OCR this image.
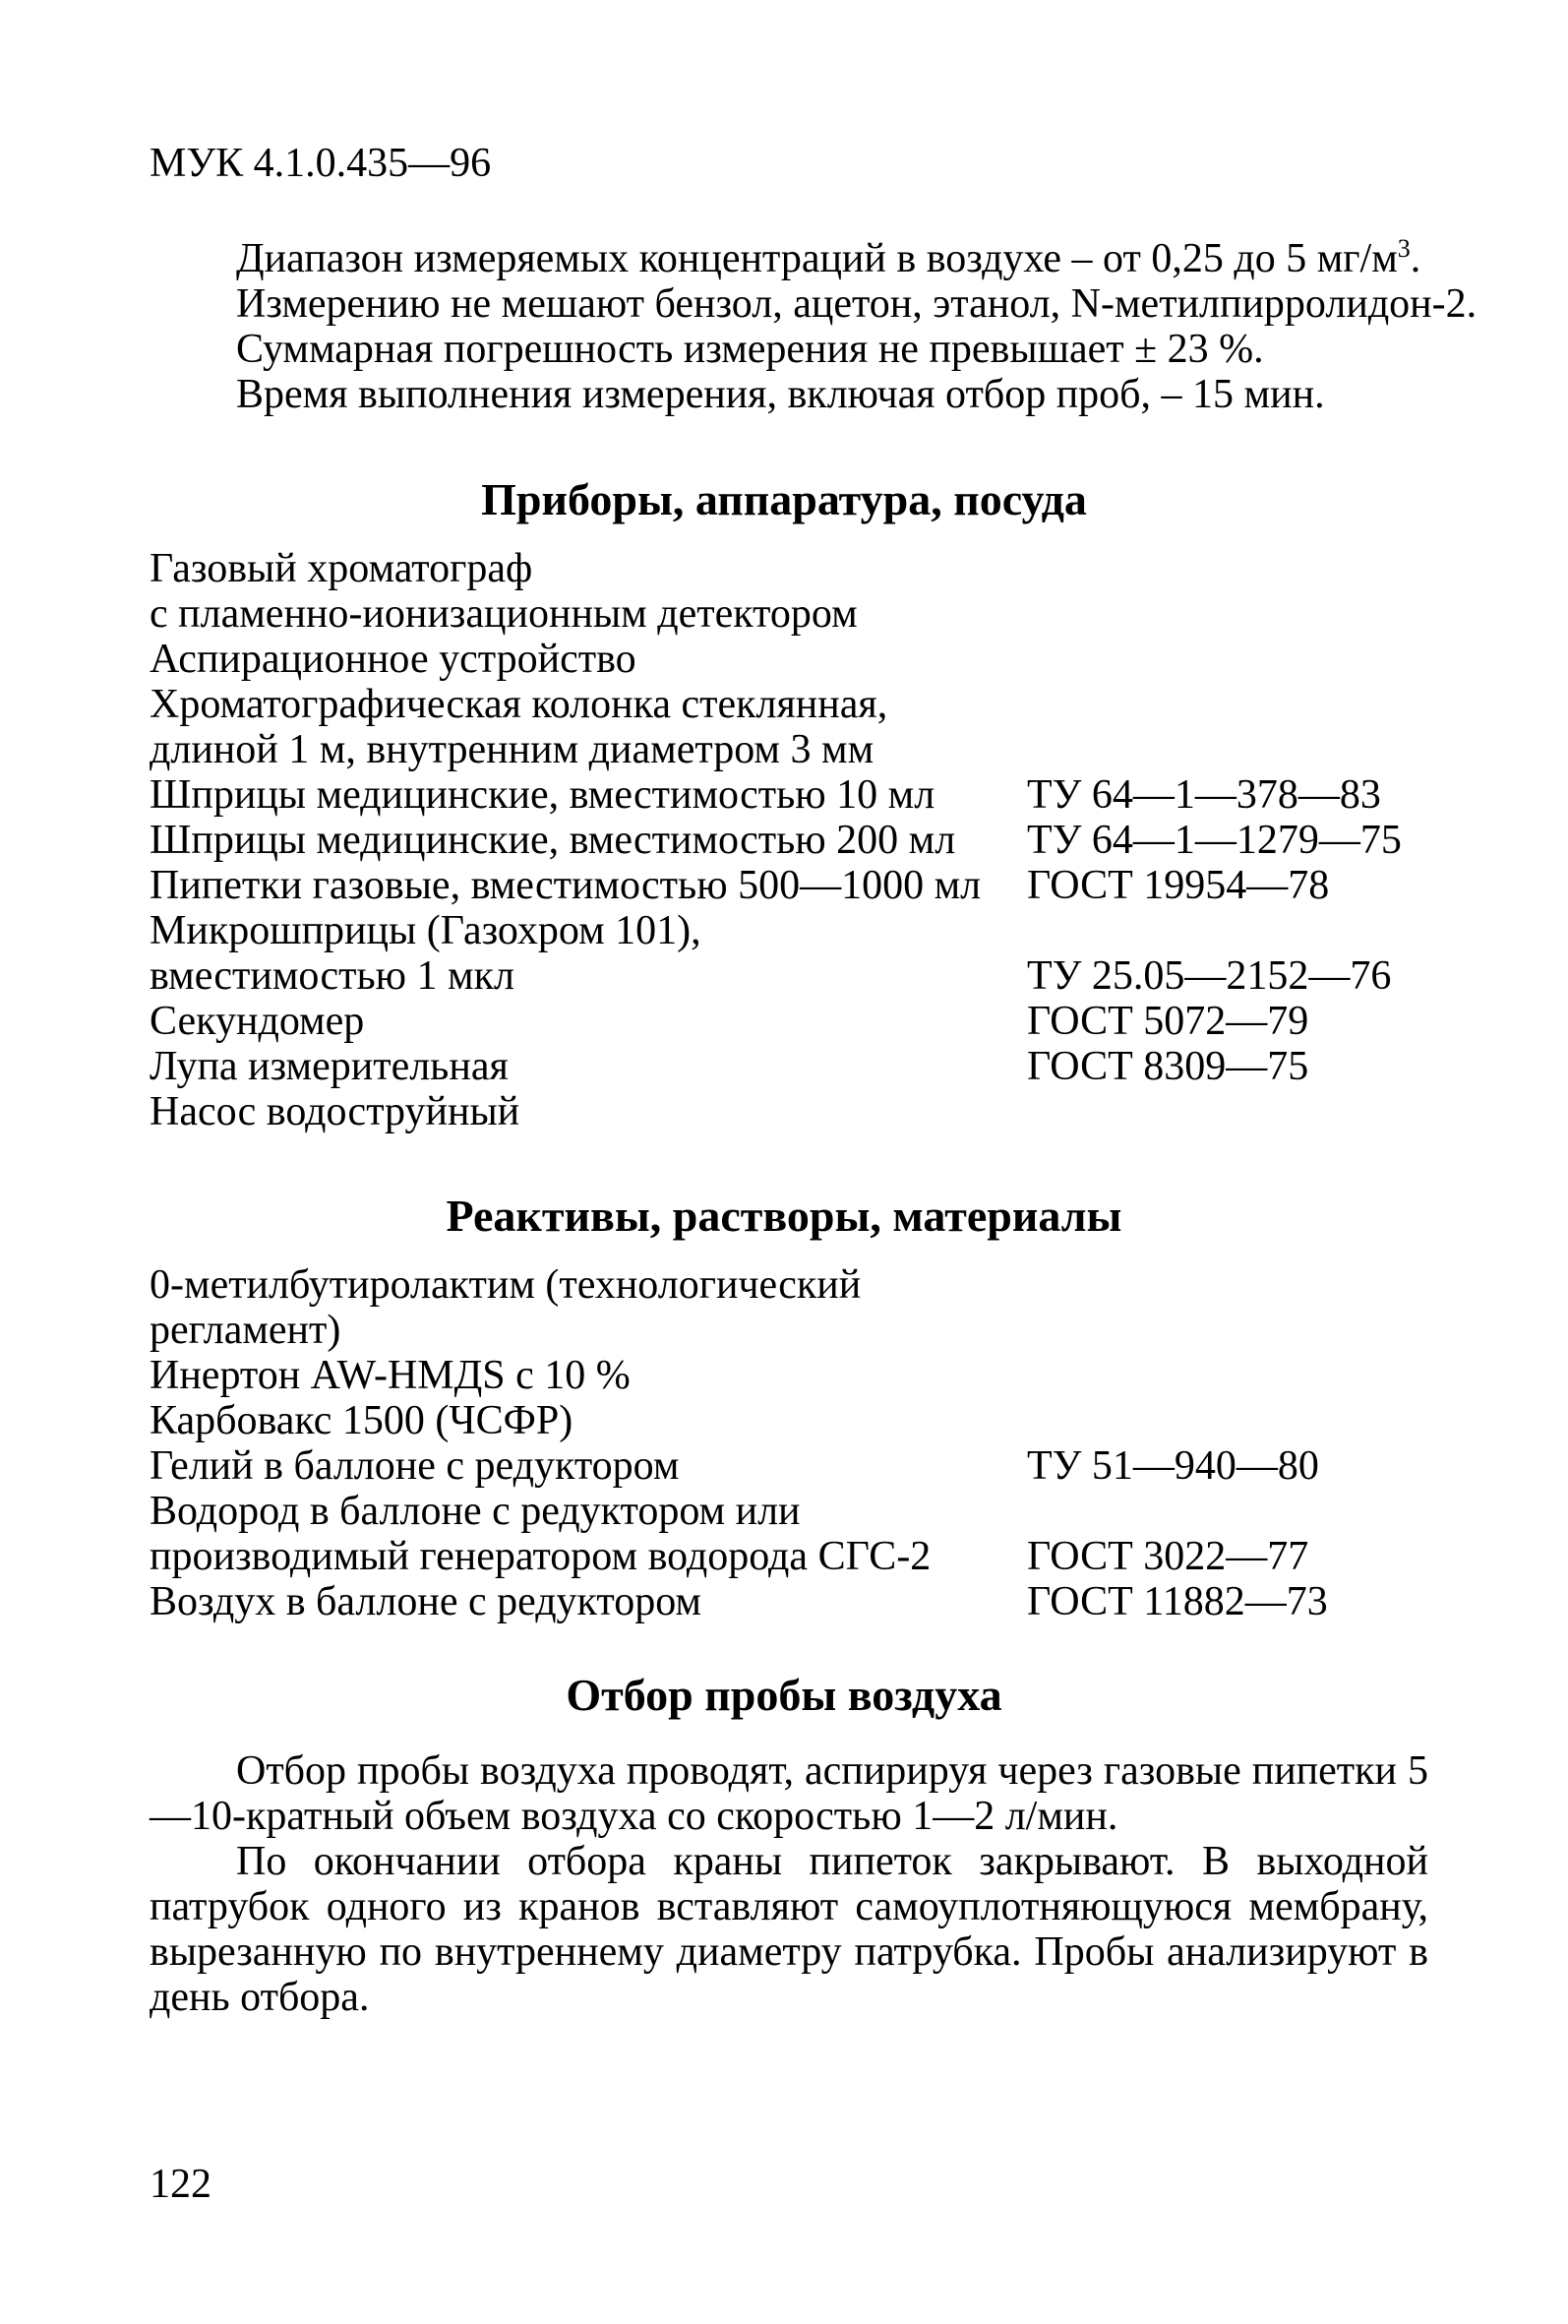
МУК 4.1.0.435—96

Диапазон измеряемых концентраций в воздухе – от 0,25 до 5 $мг/м^3$.

Измерению не мешают бензол, ацетон, этанол, N-метилпирролидон-2.

Суммарная погрешность измерения не превышает ± 23 %.

Время выполнения измерения, включая отбор проб, – 15 мин.

Приборы, аппаратура, посуда
Газовый хроматограф
с пламенно-ионизационным детектором
Аспирационное устройство
Хроматографическая колонка стеклянная,
длиной 1 м, внутренним диаметром 3 мм
Шприцы медицинские, вместимостью 10 мл ТУ 64—1—378—83
Шприцы медицинские, вместимостью 200 мл ТУ 64—1—1279—75
Пипетки газовые, вместимостью 500—1000 мл ГОСТ 19954—78
Микрошприцы (Газохром 101),
вместимостью 1 мкл	ТУ 25.05—2152—76
Секундомер	ГОСТ 5072—79
Лупа измерительная	ГОСТ 8309—75
Насос водоструйный
Реактивы, растворы, материалы
0-метилбутиролактим (технологический
регламент)
Инертон AW-НМДS с 10 %
Карбовакс 1500 (ЧСФР)
Гелий в баллоне с редуктором	ТУ 51—940—80
Водород в баллоне с редуктором или
производимый генератором водорода СГС-2 ГОСТ 3022—77
Воздух в баллоне с редуктором	ГОСТ 11882—73
Отбор пробы воздуха

Отбор пробы воздуха проводят, аспирируя через газовые пипетки 5—10-кратный объем воздуха со скоростью 1—2 л/мин.

По окончании отбора краны пипеток закрывают. В выходной патрубок одного из кранов вставляют самоуплотняющуюся мембрану, вырезанную по внутреннему диаметру патрубка. Пробы анализируют в день отбора.

122
